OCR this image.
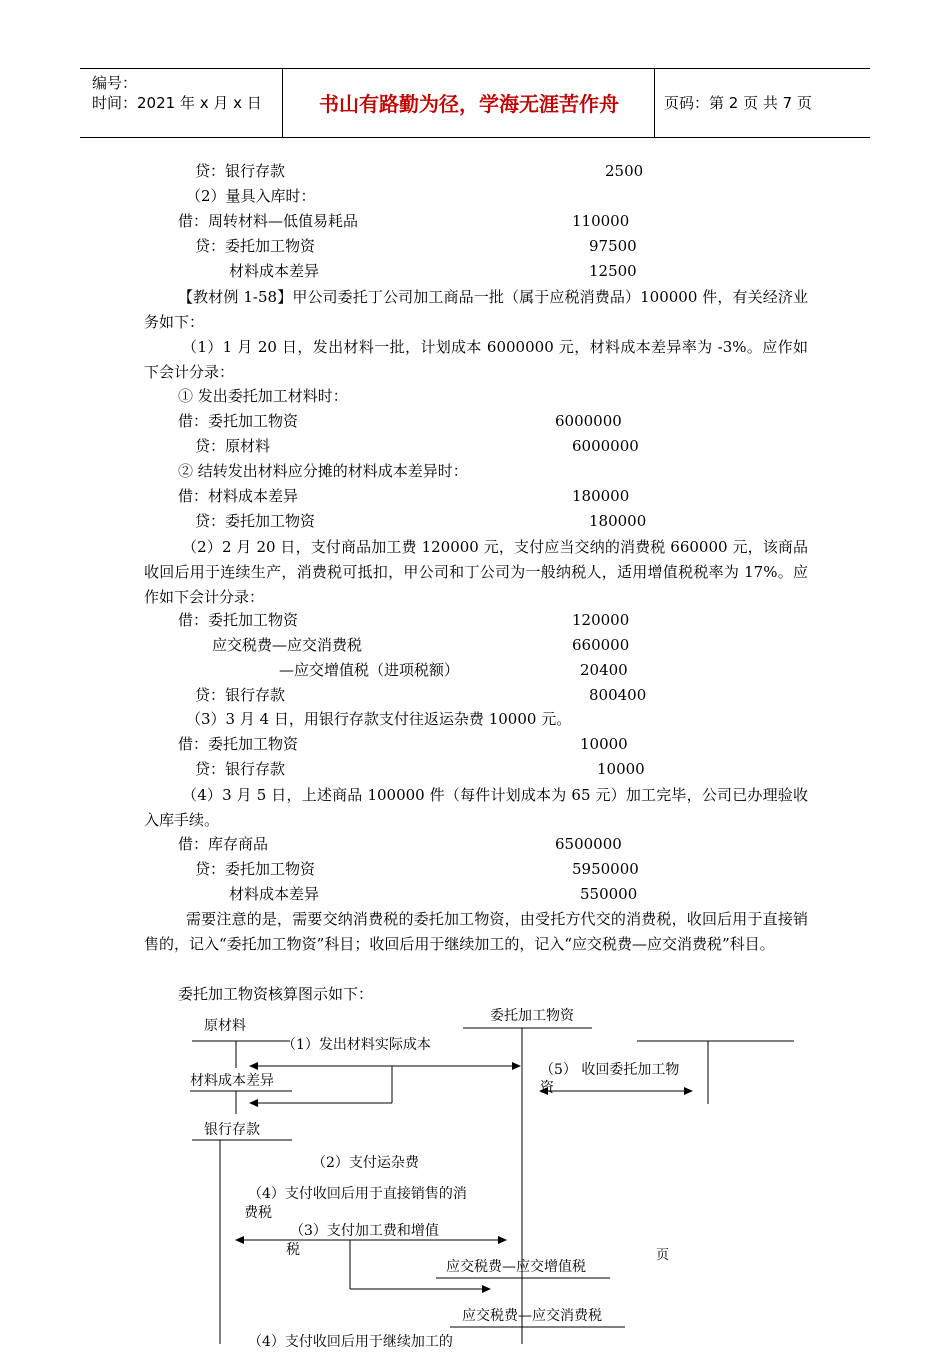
编号：
时间：2021 年 x 月 x 日	书山有路勤为径，学海无涯苦作舟	页码：第 2 页 共 7 页
贷：银行存款	2500
（2）量具入库时：
借：周转材料—低值易耗品	110000
贷：委托加工物资	97500
材料成本差异	12500
【教材例 1-58】甲公司委托丁公司加工商品一批（属于应税消费品）100000 件，有关经济业务如下：
（1）1 月 20 日，发出材料一批，计划成本 6000000 元，材料成本差异率为 -3%。应作如下会计分录：
① 发出委托加工材料时：
借：委托加工物资	6000000
贷：原材料	6000000
② 结转发出材料应分摊的材料成本差异时：
借：材料成本差异	180000
贷：委托加工物资	180000
（2）2 月 20 日，支付商品加工费 120000 元，支付应当交纳的消费税 660000 元，该商品收回后用于连续生产，消费税可抵扣，甲公司和丁公司为一般纳税人，适用增值税税率为 17%。应作如下会计分录：
借：委托加工物资	120000
应交税费—应交消费税	660000
—应交增值税（进项税额）	20400
贷：银行存款	800400
（3）3 月 4 日，用银行存款支付往返运杂费 10000 元。
借：委托加工物资	10000
贷：银行存款	10000
（4）3 月 5 日，上述商品 100000 件（每件计划成本为 65 元）加工完毕，公司已办理验收入库手续。
借：库存商品	6500000
贷：委托加工物资	5950000
材料成本差异	550000
需要注意的是，需要交纳消费税的委托加工物资，由受托方代交的消费税，收回后用于直接销售的，记入“委托加工物资”科目；收回后用于继续加工的，记入“应交税费—应交消费税”科目。
委托加工物资核算图示如下：
原材料
委托加工物资
（1）发出材料实际成本
（5） 收回委托加工物
资
材料成本差异
银行存款
（2）支付运杂费
（4）支付收回后用于直接销售的消
费税
（3）支付加工费和增值
税	页
应交税费—应交增值税
应交税费—应交消费税
（4）支付收回后用于继续加工的
